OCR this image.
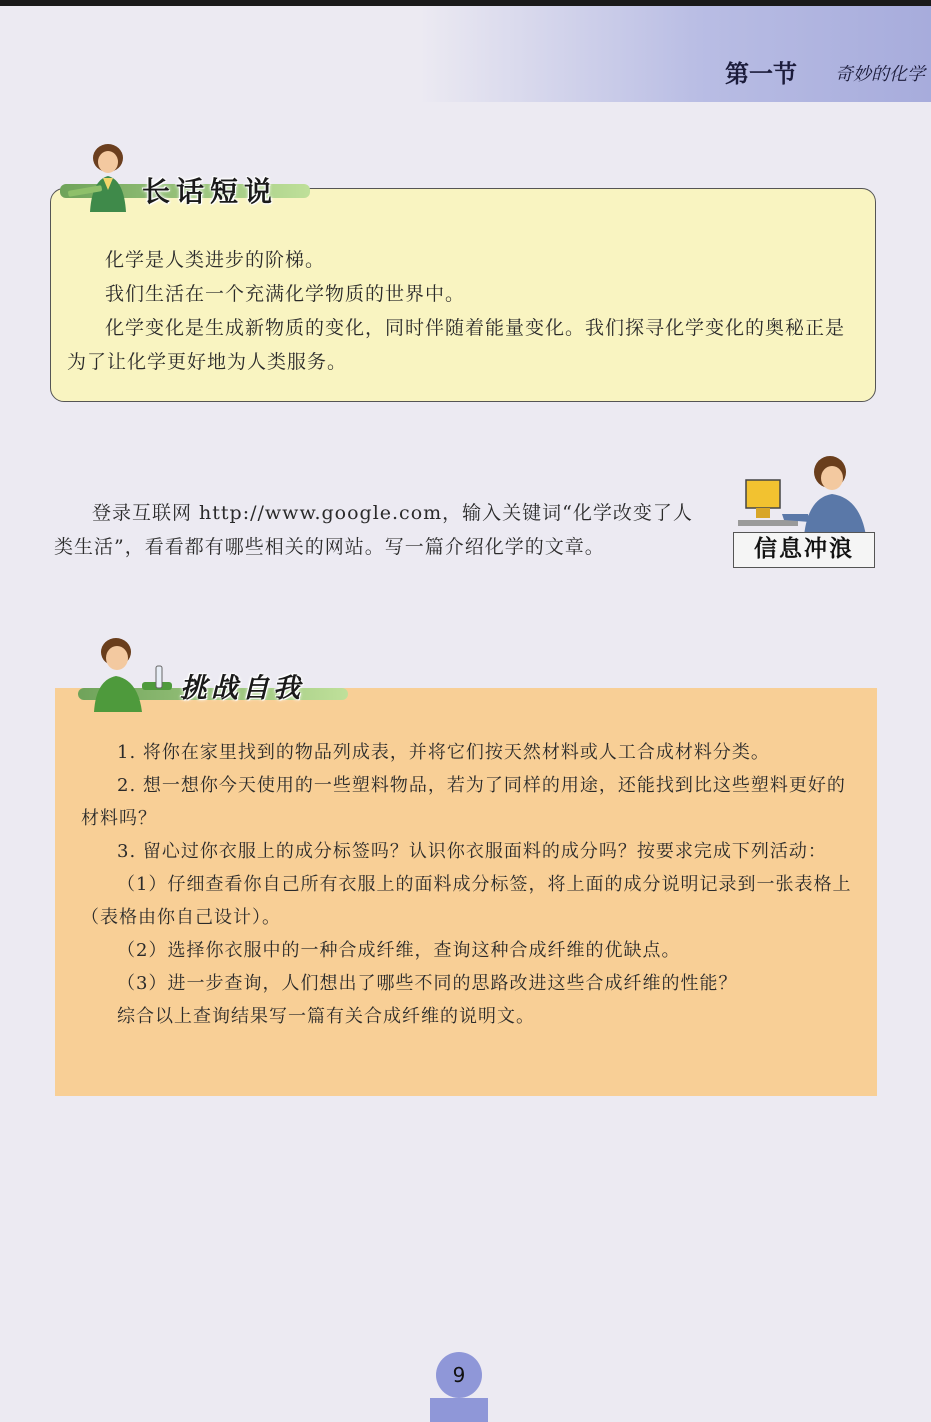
第一节 奇妙的化学

化学是人类进步的阶梯。

我们生活在一个充满化学物质的世界中。

化学变化是生成新物质的变化，同时伴随着能量变化。我们探寻化学变化的奥秘正是为了让化学更好地为人类服务。

长话短说

登录互联网 http://www.google.com，输入关键词“化学改变了人类生活”，看看都有哪些相关的网站。写一篇介绍化学的文章。	信息冲浪

1. 将你在家里找到的物品列成表，并将它们按天然材料或人工合成材料分类。

2. 想一想你今天使用的一些塑料物品，若为了同样的用途，还能找到比这些塑料更好的材料吗？

3. 留心过你衣服上的成分标签吗？认识你衣服面料的成分吗？按要求完成下列活动：

（1）仔细查看你自己所有衣服上的面料成分标签，将上面的成分说明记录到一张表格上（表格由你自己设计）。

（2）选择你衣服中的一种合成纤维，查询这种合成纤维的优缺点。

（3）进一步查询，人们想出了哪些不同的思路改进这些合成纤维的性能？

综合以上查询结果写一篇有关合成纤维的说明文。

挑战自我
9
